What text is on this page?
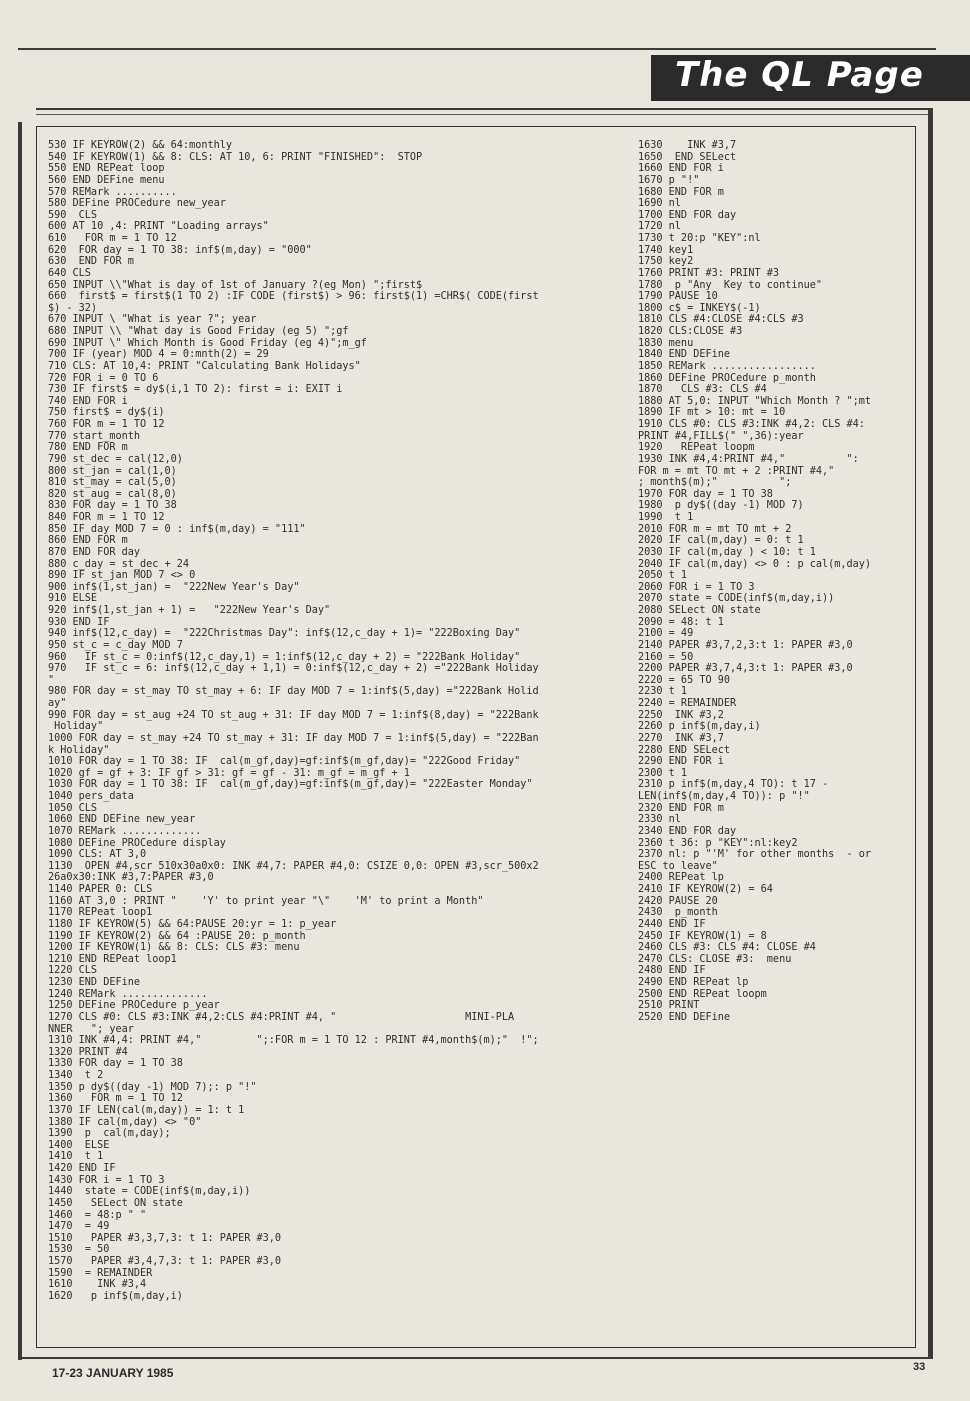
The QL Page
530 IF KEYROW(2) && 64:monthly
540 IF KEYROW(1) && 8: CLS: AT 10, 6: PRINT "FINISHED":  STOP
550 END REPeat loop
560 END DEFine menu
570 REMark ..........
580 DEFine PROCedure new_year
590  CLS
600 AT 10 ,4: PRINT "Loading arrays"
610   FOR m = 1 TO 12
620  FOR day = 1 TO 38: inf$(m,day) = "000"
630  END FOR m
640 CLS
650 INPUT \\"What is day of 1st of January ?(eg Mon) ";first$
660  first$ = first$(1 TO 2) :IF CODE (first$) > 96: first$(1) =CHR$( CODE(first
$) - 32)
670 INPUT \ "What is year ?"; year
680 INPUT \\ "What day is Good Friday (eg 5) ";gf
690 INPUT \" Which Month is Good Friday (eg 4)";m_gf
700 IF (year) MOD 4 = 0:mnth(2) = 29
710 CLS: AT 10,4: PRINT "Calculating Bank Holidays"
720 FOR i = 0 TO 6
730 IF first$ = dy$(i,1 TO 2): first = i: EXIT i
740 END FOR i
750 first$ = dy$(i)
760 FOR m = 1 TO 12
770 start_month
780 END FOR m
790 st_dec = cal(12,0)
800 st_jan = cal(1,0)
810 st_may = cal(5,0)
820 st_aug = cal(8,0)
830 FOR day = 1 TO 38
840 FOR m = 1 TO 12
850 IF day MOD 7 = 0 : inf$(m,day) = "111"
860 END FOR m
870 END FOR day
880 c_day = st_dec + 24
890 IF st_jan MOD 7 <> 0
900 inf$(1,st_jan) =  "222New Year's Day"
910 ELSE
920 inf$(1,st_jan + 1) =   "222New Year's Day"
930 END IF
940 inf$(12,c_day) =  "222Christmas Day": inf$(12,c_day + 1)= "222Boxing Day"
950 st_c = c_day MOD 7
960   IF st_c = 0:inf$(12,c_day,1) = 1:inf$(12,c_day + 2) = "222Bank Holiday"
970   IF st_c = 6: inf$(12,c_day + 1,1) = 0:inf$(12,c_day + 2) ="222Bank Holiday
"
980 FOR day = st_may TO st_may + 6: IF day MOD 7 = 1:inf$(5,day) ="222Bank Holid
ay"
990 FOR day = st_aug +24 TO st_aug + 31: IF day MOD 7 = 1:inf$(8,day) = "222Bank
Holiday"
1000 FOR day = st_may +24 TO st_may + 31: IF day MOD 7 = 1:inf$(5,day) = "222Ban
k Holiday"
1010 FOR day = 1 TO 38: IF  cal(m_gf,day)=gf:inf$(m_gf,day)= "222Good Friday"
1020 gf = gf + 3: IF gf > 31: gf = gf - 31: m_gf = m_gf + 1
1030 FOR day = 1 TO 38: IF  cal(m_gf,day)=gf:inf$(m_gf,day)= "222Easter Monday"
1040 pers_data
1050 CLS
1060 END DEFine new_year
1070 REMark .............
1080 DEFine PROCedure display
1090 CLS: AT 3,0
1130  OPEN #4,scr_510x30a0x0: INK #4,7: PAPER #4,0: CSIZE 0,0: OPEN #3,scr_500x2
26a0x30:INK #3,7:PAPER #3,0
1140 PAPER 0: CLS
1160 AT 3,0 : PRINT "    'Y' to print year "\"    'M' to print a Month"
1170 REPeat loop1
1180 IF KEYROW(5) && 64:PAUSE 20:yr = 1: p_year
1190 IF KEYROW(2) && 64 :PAUSE 20: p_month
1200 IF KEYROW(1) && 8: CLS: CLS #3: menu
1210 END REPeat loop1
1220 CLS
1230 END DEFine
1240 REMark ..............
1250 DEFine PROCedure p_year
1270 CLS #0: CLS #3:INK #4,2:CLS #4:PRINT #4, "                     MINI-PLA
NNER   "; year
1310 INK #4,4: PRINT #4,"         ";:FOR m = 1 TO 12 : PRINT #4,month$(m);"  !";
1320 PRINT #4
1330 FOR day = 1 TO 38
1340  t 2
1350 p dy$((day -1) MOD 7);: p "!"
1360   FOR m = 1 TO 12
1370 IF LEN(cal(m,day)) = 1: t 1
1380 IF cal(m,day) <> "0"
1390  p  cal(m,day);
1400  ELSE
1410  t 1
1420 END IF
1430 FOR i = 1 TO 3
1440  state = CODE(inf$(m,day,i))
1450   SELect ON state
1460  = 48:p " "
1470  = 49
1510   PAPER #3,3,7,3: t 1: PAPER #3,0
1530  = 50
1570   PAPER #3,4,7,3: t 1: PAPER #3,0
1590  = REMAINDER
1610    INK #3,4
1620   p inf$(m,day,i)
1630    INK #3,7
1650  END SELect
1660 END FOR i
1670 p "!"
1680 END FOR m
1690 nl
1700 END FOR day
1720 nl
1730 t 20:p "KEY":nl
1740 key1
1750 key2
1760 PRINT #3: PRINT #3
1780  p "Any  Key to continue"
1790 PAUSE 10
1800 c$ = INKEY$(-1)
1810 CLS #4:CLOSE #4:CLS #3
1820 CLS:CLOSE #3
1830 menu
1840 END DEFine
1850 REMark .................
1860 DEFine PROCedure p_month
1870   CLS #3: CLS #4
1880 AT 5,0: INPUT "Which Month ? ";mt
1890 IF mt > 10: mt = 10
1910 CLS #0: CLS #3:INK #4,2: CLS #4:
PRINT #4,FILL$(" ",36):year
1920   REPeat loopm
1930 INK #4,4:PRINT #4,"          ":
FOR m = mt TO mt + 2 :PRINT #4,"
; month$(m);"          ";
1970 FOR day = 1 TO 38
1980  p dy$((day -1) MOD 7)
1990  t 1
2010 FOR m = mt TO mt + 2
2020 IF cal(m,day) = 0: t 1
2030 IF cal(m,day ) < 10: t 1
2040 IF cal(m,day) <> 0 : p cal(m,day)
2050 t 1
2060 FOR i = 1 TO 3
2070 state = CODE(inf$(m,day,i))
2080 SELect ON state
2090 = 48: t 1
2100 = 49
2140 PAPER #3,7,2,3:t 1: PAPER #3,0
2160 = 50
2200 PAPER #3,7,4,3:t 1: PAPER #3,0
2220 = 65 TO 90
2230 t 1
2240 = REMAINDER
2250  INK #3,2
2260 p inf$(m,day,i)
2270  INK #3,7
2280 END SELect
2290 END FOR i
2300 t 1
2310 p inf$(m,day,4 TO): t 17 -
LEN(inf$(m,day,4 TO)): p "!"
2320 END FOR m
2330 nl
2340 END FOR day
2360 t 36: p "KEY":nl:key2
2370 nl: p "'M' for other months  - or
ESC to leave"
2400 REPeat lp
2410 IF KEYROW(2) = 64
2420 PAUSE 20
2430  p_month
2440 END IF
2450 IF KEYROW(1) = 8
2460 CLS #3: CLS #4: CLOSE #4
2470 CLS: CLOSE #3:  menu
2480 END IF
2490 END REPeat lp
2500 END REPeat loopm
2510 PRINT
2520 END DEFine
17-23 JANUARY 1985	33
